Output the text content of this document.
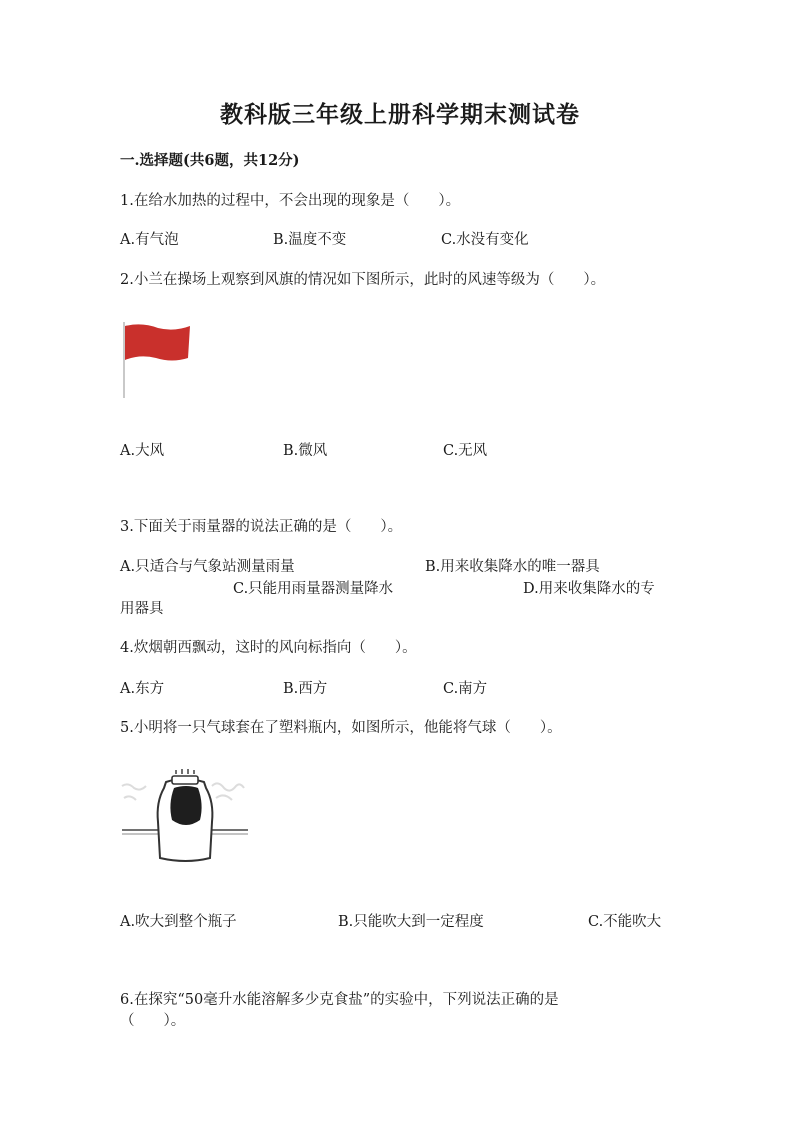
教科版三年级上册科学期末测试卷
一.选择题(共6题，共12分)
1.在给水加热的过程中，不会出现的现象是（　　）。
A.有气泡	B.温度不变	C.水没有变化
2.小兰在操场上观察到风旗的情况如下图所示，此时的风速等级为（　　）。
A.大风	B.微风	C.无风
3.下面关于雨量器的说法正确的是（　　）。
A.只适合与气象站测量雨量	B.用来收集降水的唯一器具
C.只能用雨量器测量降水	D.用来收集降水的专
用器具
4.炊烟朝西飘动，这时的风向标指向（　　）。
A.东方	B.西方	C.南方
5.小明将一只气球套在了塑料瓶内，如图所示，他能将气球（　　）。
A.吹大到整个瓶子	B.只能吹大到一定程度	C.不能吹大
6.在探究“50毫升水能溶解多少克食盐”的实验中，下列说法正确的是
（　　）。
